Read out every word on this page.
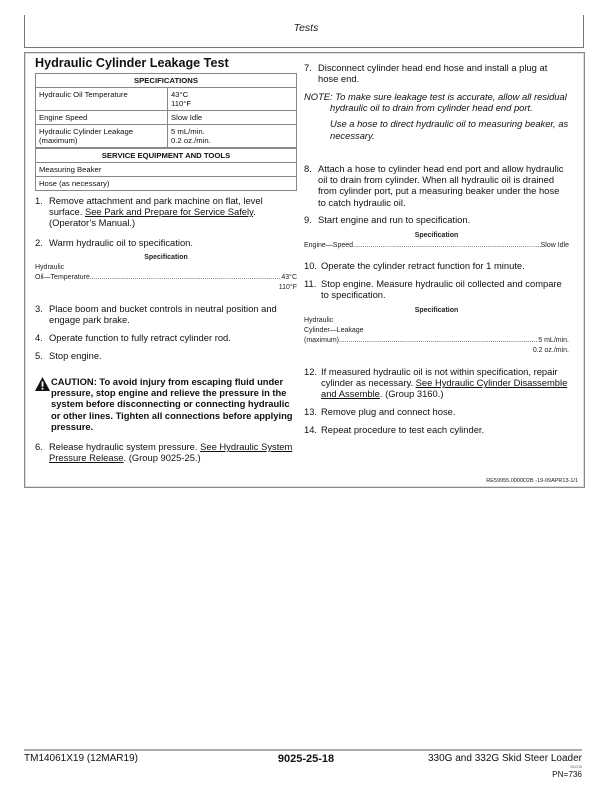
Tests
Hydraulic Cylinder Leakage Test
SPECIFICATIONS	
Hydraulic Oil Temperature	43°C
110°F
Engine Speed	Slow Idle
Hydraulic Cylinder Leakage
(maximum)	5 mL/min.
0.2 oz./min.
SERVICE EQUIPMENT AND TOOLS
Measuring Beaker
Hose (as necessary)
1. Remove attachment and park machine on flat, level surface. See Park and Prepare for Service Safely. (Operator’s Manual.)
2. Warm hydraulic oil to specification.
Specification
Hydraulic
Oil—Temperature .....	43°C
110°F
3. Place boom and bucket controls in neutral position and engage park brake.
4. Operate function to fully retract cylinder rod.
5. Stop engine.
CAUTION: To avoid injury from escaping fluid under pressure, stop engine and relieve the pressure in the system before disconnecting or connecting hydraulic or other lines. Tighten all connections before applying pressure.
6. Release hydraulic system pressure. See Hydraulic System Pressure Release. (Group 9025-25.)
7. Disconnect cylinder head end hose and install a plug at hose end.
NOTE: To make sure leakage test is accurate, allow all residual hydraulic oil to drain from cylinder head end port.
Use a hose to direct hydraulic oil to measuring beaker, as necessary.
8. Attach a hose to cylinder head end port and allow hydraulic oil to drain from cylinder. When all hydraulic oil is drained from cylinder port, put a measuring beaker under the hose to catch hydraulic oil.
9. Start engine and run to specification.
Specification
Engine—Speed .....	Slow Idle
10. Operate the cylinder retract function for 1 minute.
11. Stop engine. Measure hydraulic oil collected and compare to specification.
Specification
Hydraulic
Cylinder—Leakage
(maximum) .....	5 mL/min.
0.2 oz./min.
12. If measured hydraulic oil is not within specification, repair cylinder as necessary. See Hydraulic Cylinder Disassemble and Assemble. (Group 3160.)
13. Remove plug and connect hose.
14. Repeat procedure to test each cylinder.
RE59955,0000D2B -19-09APR13-1/1
TM14061X19 (12MAR19)	9025-25-18	330G and 332G Skid Steer Loader
031219
PN=736
